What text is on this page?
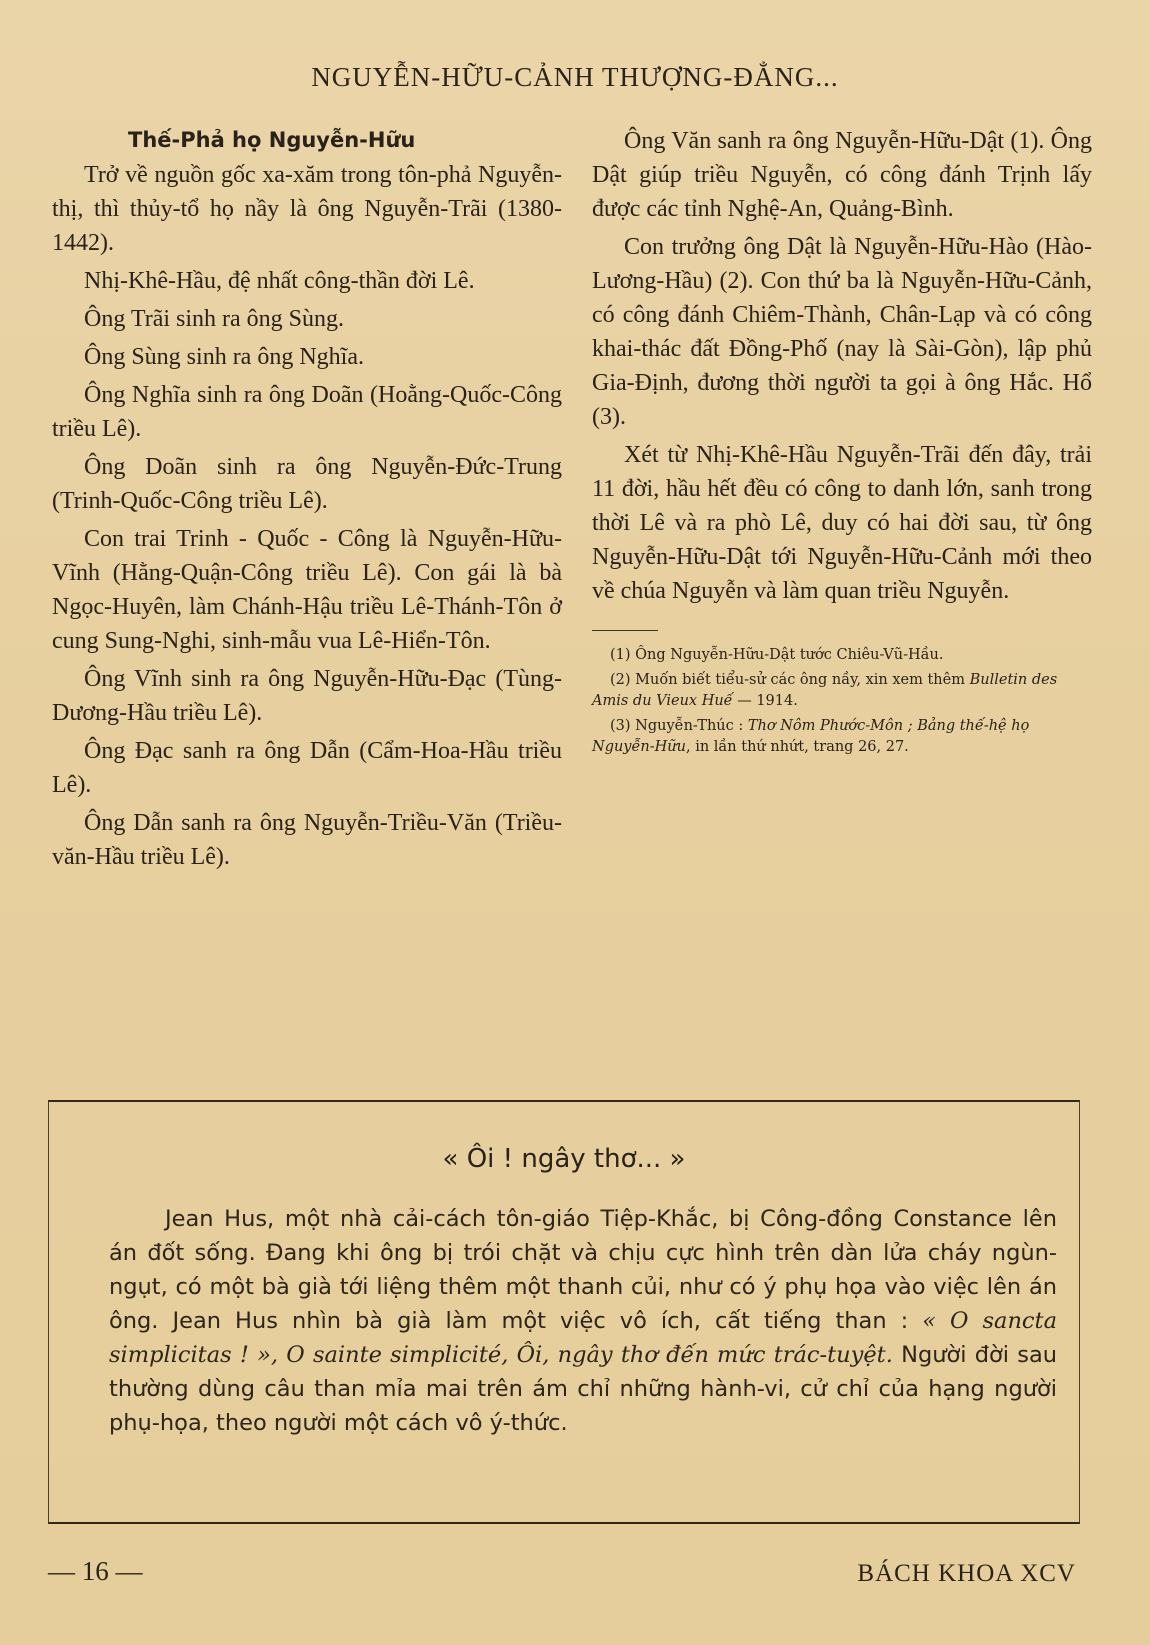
NGUYỄN-HỮU-CẢNH THƯỢNG-ĐẲNG...
Thế-Phả họ Nguyễn-Hữu

Trở về nguồn gốc xa-xăm trong tôn-phả Nguyễn-thị, thì thủy-tổ họ nầy là ông Nguyễn-Trãi (1380-1442).

Nhị-Khê-Hầu, đệ nhất công-thần đời Lê.

Ông Trãi sinh ra ông Sùng.

Ông Sùng sinh ra ông Nghĩa.

Ông Nghĩa sinh ra ông Doãn (Hoằng-Quốc-Công triều Lê).

Ông Doãn sinh ra ông Nguyễn-Đức-Trung (Trinh-Quốc-Công triều Lê).

Con trai Trinh - Quốc - Công là Nguyễn-Hữu-Vĩnh (Hằng-Quận-Công triều Lê). Con gái là bà Ngọc-Huyên, làm Chánh-Hậu triều Lê-Thánh-Tôn ở cung Sung-Nghi, sinh-mẫu vua Lê-Hiển-Tôn.

Ông Vĩnh sinh ra ông Nguyễn-Hữu-Đạc (Tùng-Dương-Hầu triều Lê).

Ông Đạc sanh ra ông Dẫn (Cẩm-Hoa-Hầu triều Lê).

Ông Dẫn sanh ra ông Nguyễn-Triều-Văn (Triều-văn-Hầu triều Lê).

Ông Văn sanh ra ông Nguyễn-Hữu-Dật (1). Ông Dật giúp triều Nguyễn, có công đánh Trịnh lấy được các tỉnh Nghệ-An, Quảng-Bình.

Con trưởng ông Dật là Nguyễn-Hữu-Hào (Hào-Lương-Hầu) (2). Con thứ ba là Nguyễn-Hữu-Cảnh, có công đánh Chiêm-Thành, Chân-Lạp và có công khai-thác đất Đồng-Phố (nay là Sài-Gòn), lập phủ Gia-Định, đương thời người ta gọi à ông Hắc. Hổ (3).

Xét từ Nhị-Khê-Hầu Nguyễn-Trãi đến đây, trải 11 đời, hầu hết đều có công to danh lớn, sanh trong thời Lê và ra phò Lê, duy có hai đời sau, từ ông Nguyễn-Hữu-Dật tới Nguyễn-Hữu-Cảnh mới theo về chúa Nguyễn và làm quan triều Nguyễn.

(1) Ông Nguyễn-Hữu-Dật tước Chiêu-Vũ-Hầu.

(2) Muốn biết tiểu-sử các ông nầy, xin xem thêm Bulletin des Amis du Vieux Huế — 1914.

(3) Nguyễn-Thúc : Thơ Nôm Phước-Môn ; Bảng thế-hệ họ Nguyễn-Hữu, in lần thứ nhứt, trang 26, 27.

« Ôi ! ngây thơ... »

Jean Hus, một nhà cải-cách tôn-giáo Tiệp-Khắc, bị Công-đồng Constance lên án đốt sống. Đang khi ông bị trói chặt và chịu cực hình trên dàn lửa cháy ngùn-ngụt, có một bà già tới liệng thêm một thanh củi, như có ý phụ họa vào việc lên án ông. Jean Hus nhìn bà già làm một việc vô ích, cất tiếng than : « O sancta simplicitas ! », O sainte simplicité, Ôi, ngây thơ đến mức trác-tuyệt. Người đời sau thường dùng câu than mỉa mai trên ám chỉ những hành-vi, cử chỉ của hạng người phụ-họa, theo người một cách vô ý-thức.

— 16 —	BÁCH KHOA XCV
